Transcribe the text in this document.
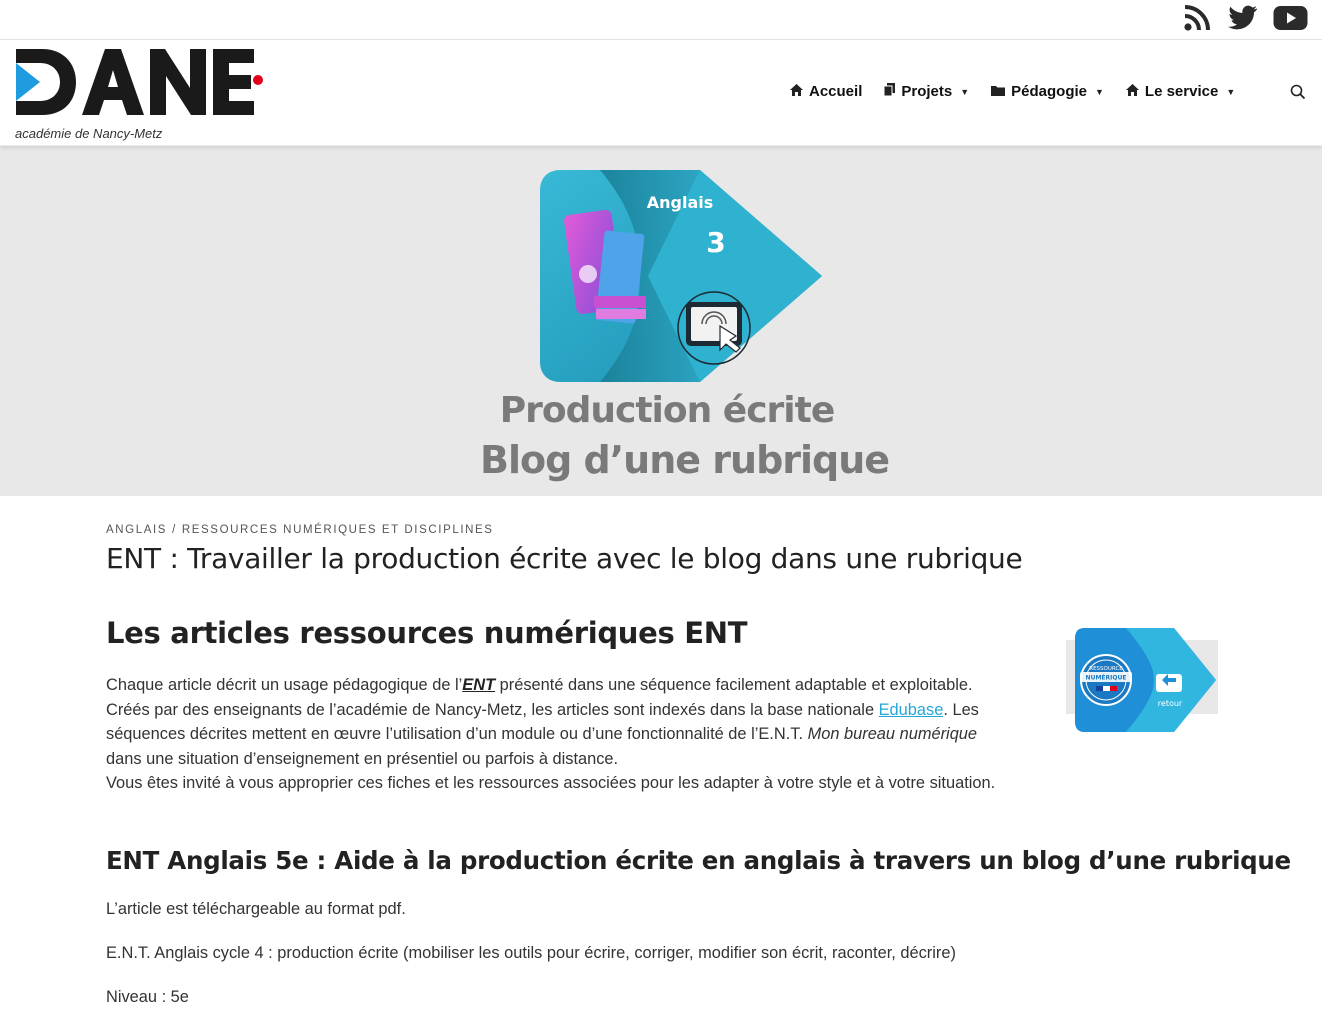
académie de Nancy-Metz
Accueil	Projets ▼	Pédagogie ▼	Le service ▼
Anglais
3
Production écrite
Blog d’une rubrique
ANGLAIS / RESSOURCES NUMÉRIQUES ET DISCIPLINES
ENT : Travailler la production écrite avec le blog dans une rubrique
Les articles ressources numériques ENT
RESSOURCE
NUMÉRIQUE
retour
Chaque article décrit un usage pédagogique de l’ENT présenté dans une séquence facilement adaptable et exploitable. Créés par des enseignants de l’académie de Nancy-Metz, les articles sont indexés dans la base nationale Edubase. Les séquences décrites mettent en œuvre l’utilisation d’un module ou d’une fonctionnalité de l’E.N.T. Mon bureau numérique dans une situation d’enseignement en présentiel ou parfois à distance.
Vous êtes invité à vous approprier ces fiches et les ressources associées pour les adapter à votre style et à votre situation.
ENT Anglais 5e : Aide à la production écrite en anglais à travers un blog d’une rubrique
L’article est téléchargeable au format pdf.
E.N.T. Anglais cycle 4 : production écrite (mobiliser les outils pour écrire, corriger, modifier son écrit, raconter, décrire)
Niveau : 5e
